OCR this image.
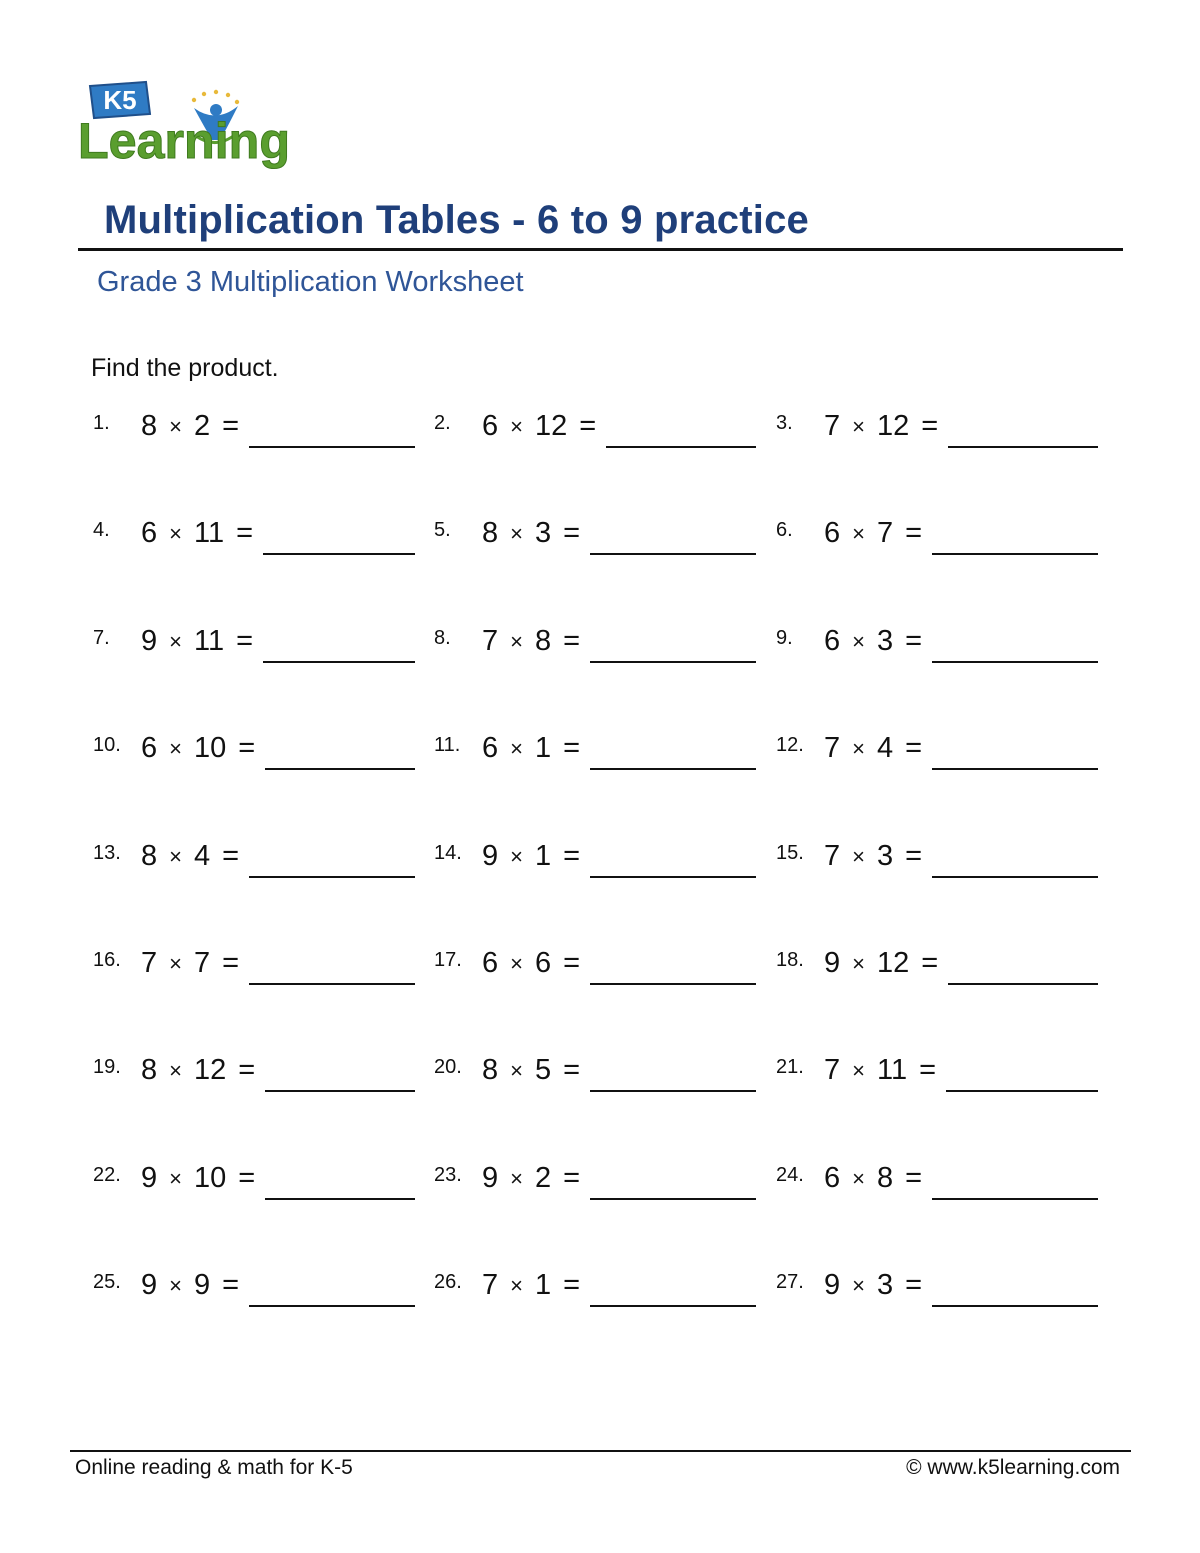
K5
Learning
Multiplication Tables - 6 to 9 practice
Grade 3 Multiplication Worksheet
Find the product.
1. 8 × 2 =	2. 6 × 12 =	3. 7 × 12 =
4. 6 × 11 =	5. 8 × 3 =	6. 6 × 7 =
7. 9 × 11 =	8. 7 × 8 =	9. 6 × 3 =
10. 6 × 10 =	11. 6 × 1 =	12. 7 × 4 =
13. 8 × 4 =	14. 9 × 1 =	15. 7 × 3 =
16. 7 × 7 =	17. 6 × 6 =	18. 9 × 12 =
19. 8 × 12 =	20. 8 × 5 =	21. 7 × 11 =
22. 9 × 10 =	23. 9 × 2 =	24. 6 × 8 =
25. 9 × 9 =	26. 7 × 1 =	27. 9 × 3 =
Online reading & math for K-5	© www.k5learning.com
